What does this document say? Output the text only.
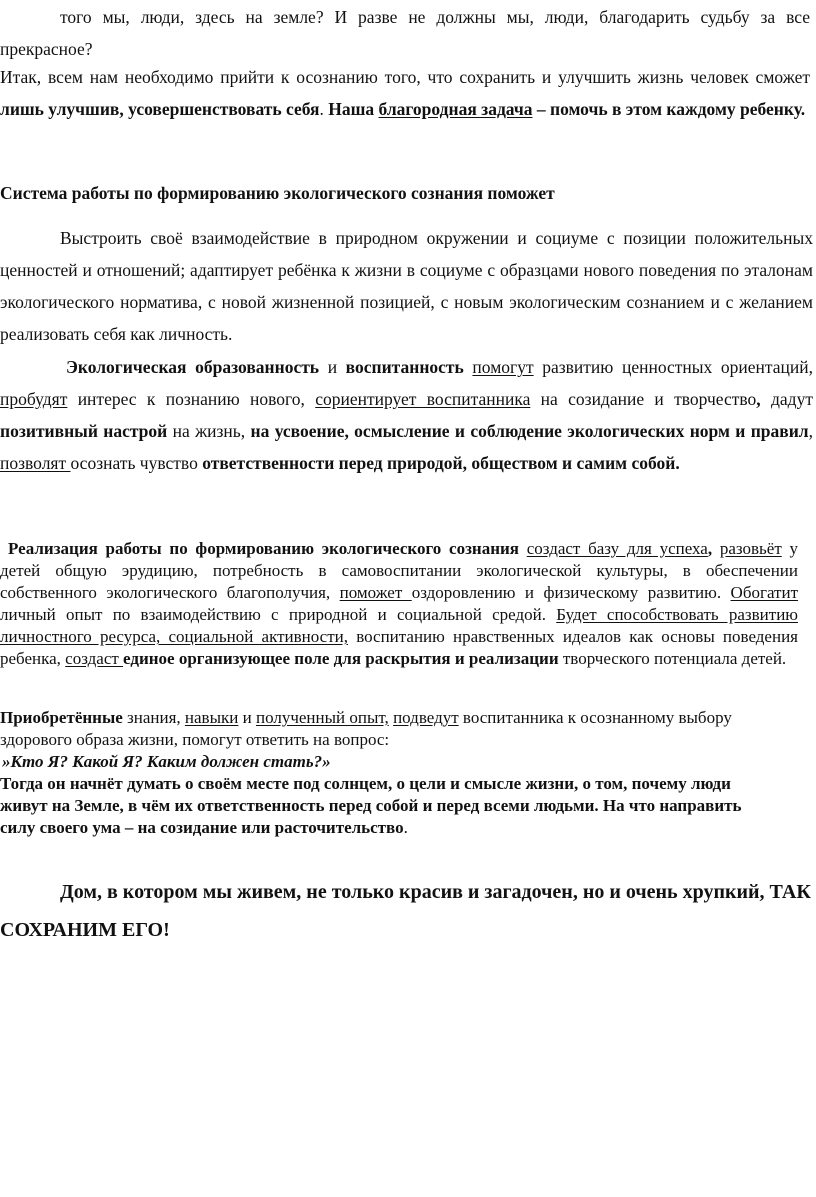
того мы, люди, здесь на земле? И разве не должны мы, люди, благодарить судьбу за все
прекрасное?

Итак, всем нам необходимо прийти к осознанию того, что сохранить и улучшить жизнь человек сможет лишь улучшив, усовершенствовать себя. Наша благородная задача – помочь в этом каждому ребенку.

Система работы по формированию экологического сознания поможет

Выстроить своё взаимодействие в природном окружении и социуме с позиции положительных ценностей и отношений; адаптирует ребёнка к жизни в социуме с образцами нового поведения по эталонам экологического норматива, с новой жизненной позицией, с новым экологическим сознанием и с желанием реализовать себя как личность.

Экологическая образованность и воспитанность помогут развитию ценностных ориентаций, пробудят интерес к познанию нового, сориентирует воспитанника на созидание и творчество, дадут позитивный настрой на жизнь, на усвоение, осмысление и соблюдение экологических норм и правил, позволят осознать чувство ответственности перед природой, обществом и самим собой.

Реализация работы по формированию экологического сознания создаст базу для успеха, разовьёт у детей общую эрудицию, потребность в самовоспитании экологической культуры, в обеспечении собственного экологического благополучия, поможет оздоровлению и физическому развитию. Обогатит личный опыт по взаимодействию с природной и социальной средой. Будет способствовать развитию личностного ресурса, социальной активности, воспитанию нравственных идеалов как основы поведения ребенка, создаст единое организующее поле для раскрытия и реализации творческого потенциала детей.

Приобретённые знания, навыки и полученный опыт, подведут воспитанника к осознанному выбору здорового образа жизни, помогут ответить на вопрос:
»Кто Я? Какой Я? Каким должен стать?»
Тогда он начнёт думать о своём месте под солнцем, о цели и смысле жизни, о том, почему люди живут на Земле, в чём их ответственность перед собой и перед всеми людьми. На что направить силу своего ума – на созидание или расточительство.
Дом, в котором мы живем, не только красив и загадочен, но и очень хрупкий, ТАК
СОХРАНИМ ЕГО!
